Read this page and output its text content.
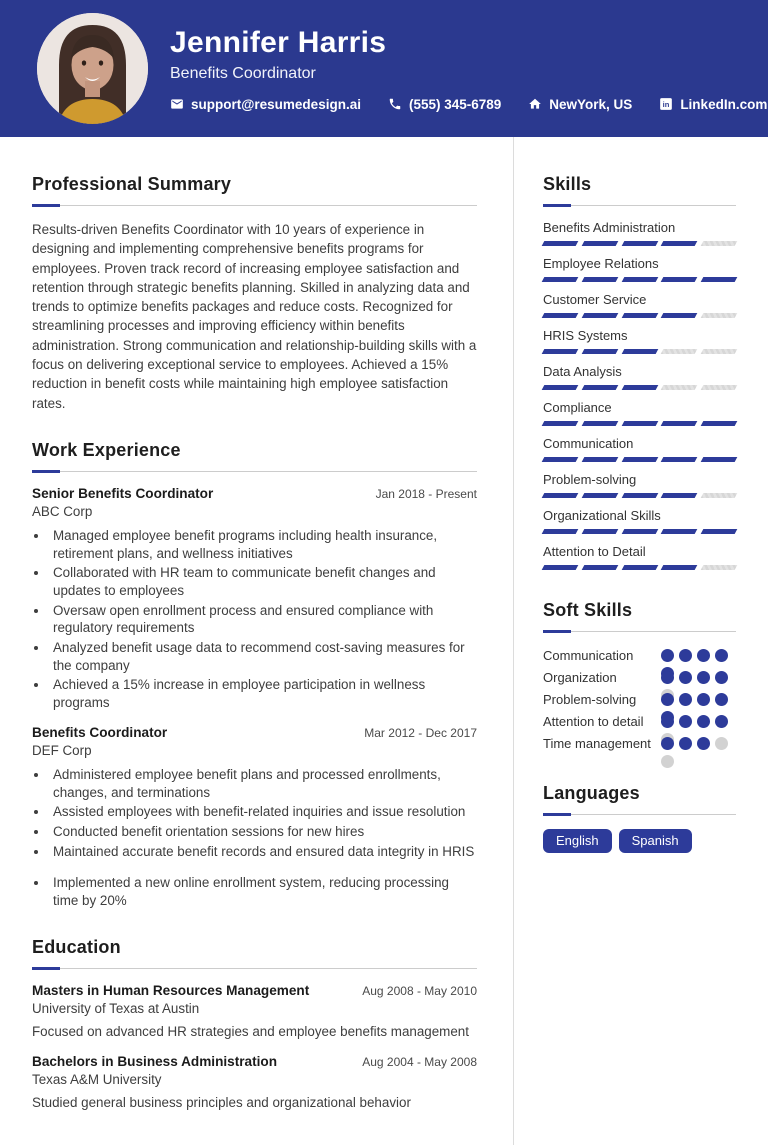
Jennifer Harris
Benefits Coordinator
support@resumedesign.ai	(555) 345-6789	NewYork, US in LinkedIn.com
Professional Summary
Results-driven Benefits Coordinator with 10 years of experience in designing and implementing comprehensive benefits programs for employees. Proven track record of increasing employee satisfaction and retention through strategic benefits planning. Skilled in analyzing data and trends to optimize benefits packages and reduce costs. Recognized for streamlining processes and improving efficiency within benefits administration. Strong communication and relationship-building skills with a focus on delivering exceptional service to employees. Achieved a 15% reduction in benefit costs while maintaining high employee satisfaction rates.
Work Experience
Senior Benefits Coordinator	Jan 2018 - Present
ABC Corp
• Managed employee benefit programs including health insurance, retirement plans, and wellness initiatives
• Collaborated with HR team to communicate benefit changes and updates to employees
• Oversaw open enrollment process and ensured compliance with regulatory requirements
• Analyzed benefit usage data to recommend cost-saving measures for the company
• Achieved a 15% increase in employee participation in wellness programs
Benefits Coordinator	Mar 2012 - Dec 2017
DEF Corp
• Administered employee benefit plans and processed enrollments, changes, and terminations
• Assisted employees with benefit-related inquiries and issue resolution
• Conducted benefit orientation sessions for new hires
• Maintained accurate benefit records and ensured data integrity in HRIS
• Implemented a new online enrollment system, reducing processing time by 20%
Education
Masters in Human Resources Management	Aug 2008 - May 2010
University of Texas at Austin
Focused on advanced HR strategies and employee benefits management
Bachelors in Business Administration	Aug 2004 - May 2008
Texas A&M University
Studied general business principles and organizational behavior
Skills
Benefits Administration
Employee Relations
Customer Service
HRIS Systems
Data Analysis
Compliance
Communication
Problem-solving
Organizational Skills
Attention to Detail
Soft Skills
Communication
Organization
Problem-solving
Attention to detail
Time management
Languages
English	Spanish
